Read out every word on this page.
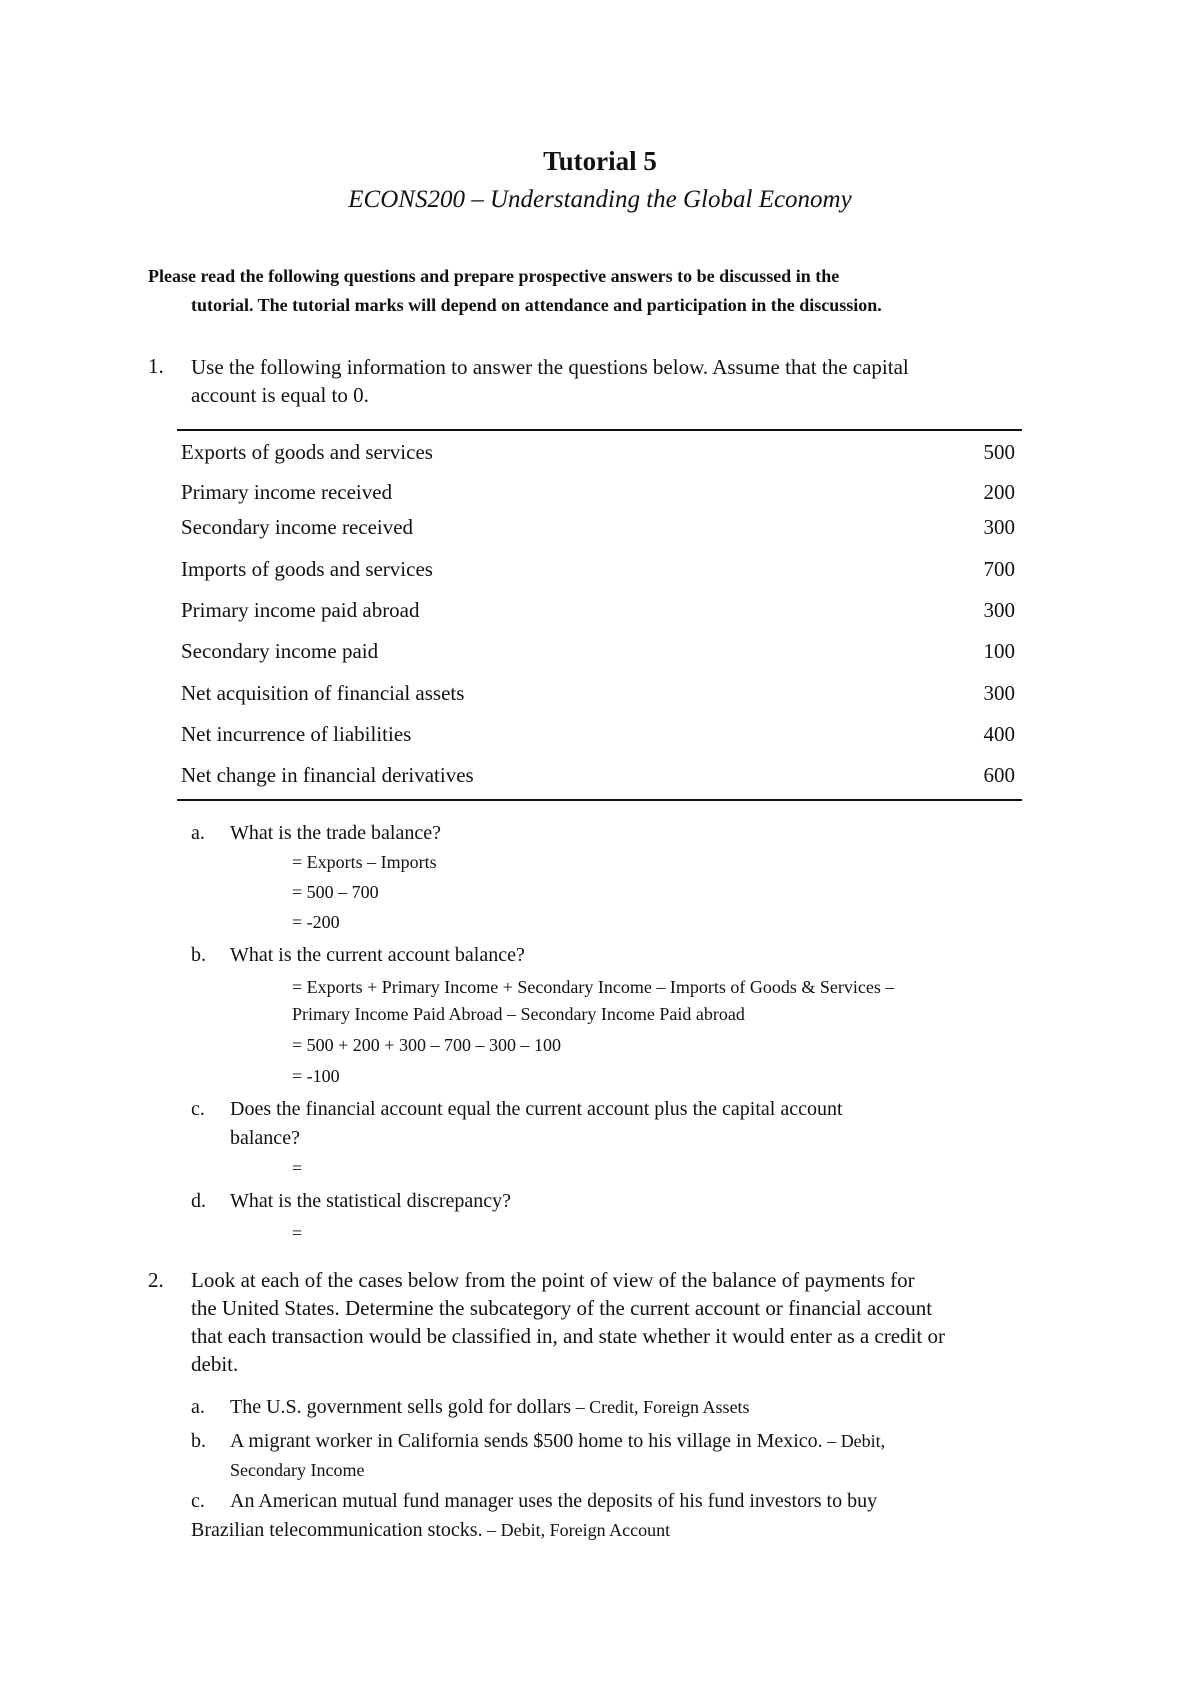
Tutorial 5
ECONS200 – Understanding the Global Economy
Please read the following questions and prepare prospective answers to be discussed in the
tutorial. The tutorial marks will depend on attendance and participation in the discussion.
1. Use the following information to answer the questions below. Assume that the capital
account is equal to 0.
Exports of goods and services	500
Primary income received	200
Secondary income received	300
Imports of goods and services	700
Primary income paid abroad	300
Secondary income paid	100
Net acquisition of financial assets	300
Net incurrence of liabilities	400
Net change in financial derivatives	600
a. What is the trade balance?
= Exports – Imports
= 500 – 700
= -200
b. What is the current account balance?
= Exports + Primary Income + Secondary Income – Imports of Goods & Services –
Primary Income Paid Abroad – Secondary Income Paid abroad
= 500 + 200 + 300 – 700 – 300 – 100
= -100
c. Does the financial account equal the current account plus the capital account
balance?
=
d. What is the statistical discrepancy?
=
2. Look at each of the cases below from the point of view of the balance of payments for
the United States. Determine the subcategory of the current account or financial account
that each transaction would be classified in, and state whether it would enter as a credit or
debit.
a. The U.S. government sells gold for dollars – Credit, Foreign Assets
b. A migrant worker in California sends $500 home to his village in Mexico. – Debit,
Secondary Income
c. An American mutual fund manager uses the deposits of his fund investors to buy
Brazilian telecommunication stocks. – Debit, Foreign Account
